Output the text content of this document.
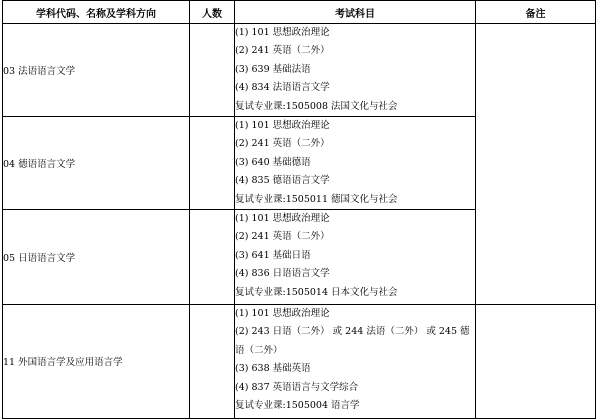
学科代码、名称及学科方向	人数	考试科目	备注
03 法语语言文学		(1) 101 思想政治理论
(2) 241 英语（二外）
(3) 639 基础法语
(4) 834 法语语言文学
复试专业课:1505008 法国文化与社会	

04 德语语言文学		(1) 101 思想政治理论
(2) 241 英语（二外）
(3) 640 基础德语
(4) 835 德语语言文学
复试专业课:1505011 德国文化与社会	

05 日语语言文学		(1) 101 思想政治理论
(2) 241 英语（二外）
(3) 641 基础日语
(4) 836 日语语言文学
复试专业课:1505014 日本文化与社会	

11 外国语言学及应用语言学		(1) 101 思想政治理论
(2) 243 日语（二外） 或 244 法语（二外） 或 245 德语（二外）
(3) 638 基础英语
(4) 837 英语语言与文学综合
复试专业课:1505004 语言学	
